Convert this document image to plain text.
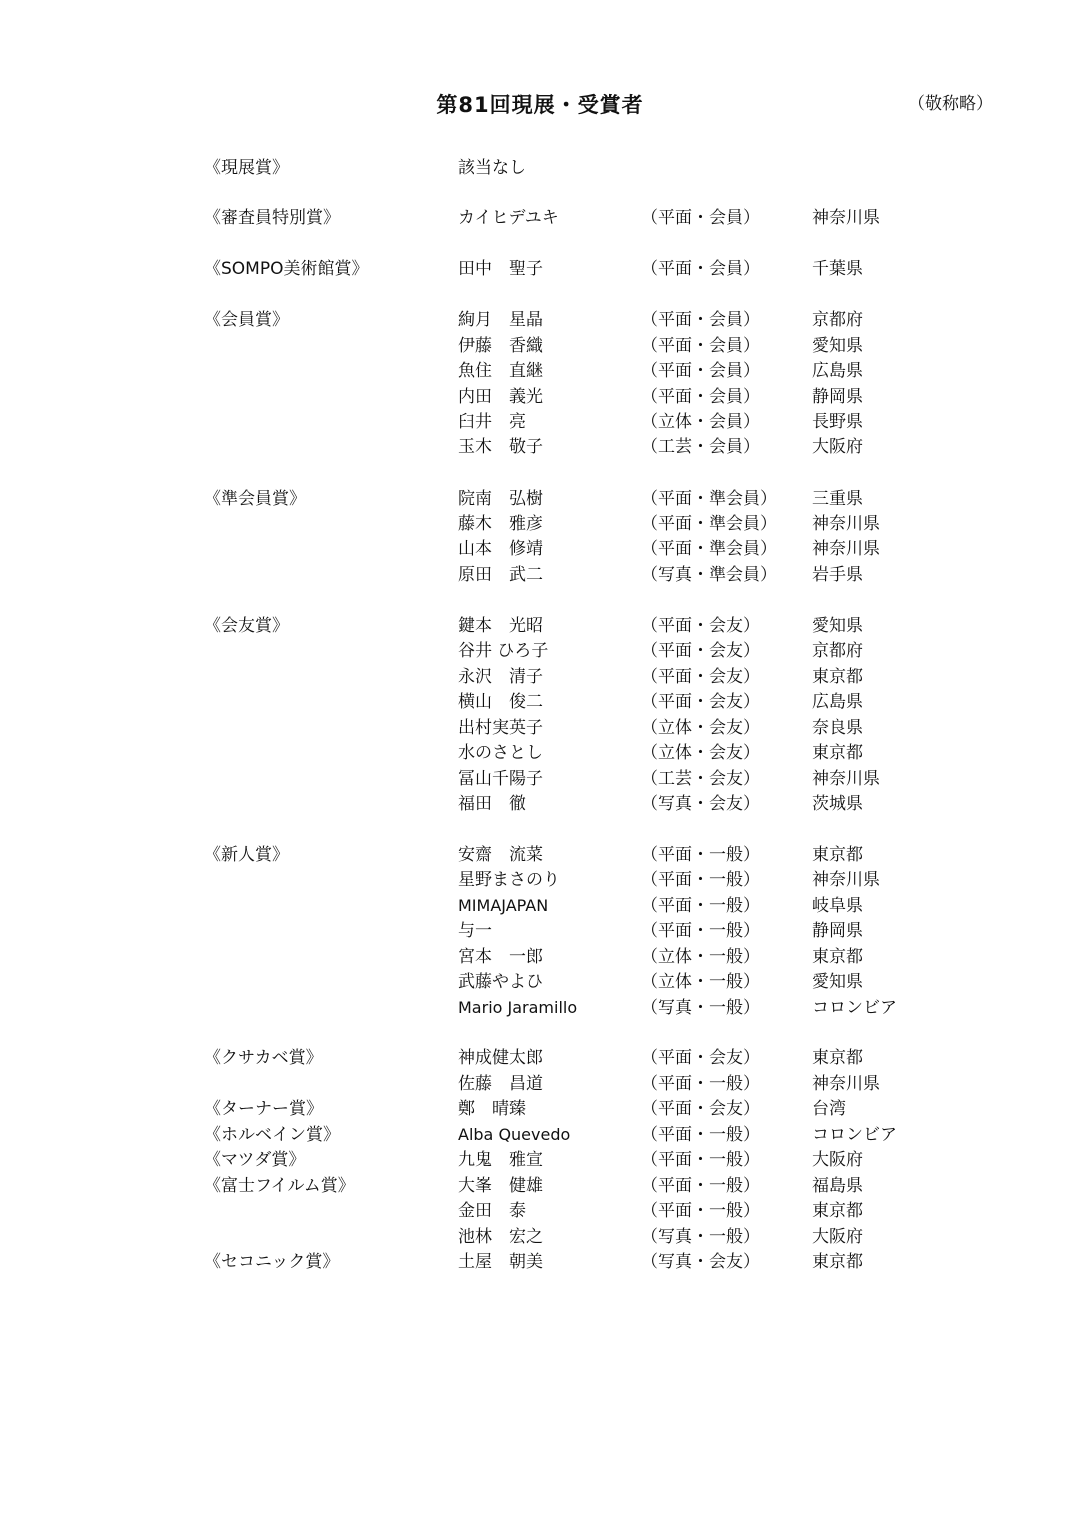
第81回現展・受賞者	（敬称略）
《現展賞》	該当なし
《審査員特別賞》	カイヒデユキ	（平面・会員）	神奈川県
《SOMPO美術館賞》	田中　聖子	（平面・会員）	千葉県
《会員賞》	絢月　星晶	（平面・会員）	京都府
伊藤　香織	（平面・会員）	愛知県
魚住　直継	（平面・会員）	広島県
内田　義光	（平面・会員）	静岡県
臼井　亮	（立体・会員）	長野県
玉木　敬子	（工芸・会員）	大阪府
《準会員賞》	院南　弘樹	（平面・準会員） 三重県
藤木　雅彦	（平面・準会員） 神奈川県
山本　修靖	（平面・準会員） 神奈川県
原田　武二	（写真・準会員） 岩手県
《会友賞》	鍵本　光昭	（平面・会友）	愛知県
谷井 ひろ子	（平面・会友）	京都府
永沢　清子	（平面・会友）	東京都
横山　俊二	（平面・会友）	広島県
出村実英子	（立体・会友）	奈良県
水のさとし	（立体・会友）	東京都
冨山千陽子	（工芸・会友）	神奈川県
福田　徹	（写真・会友）	茨城県
《新人賞》	安齋　流菜	（平面・一般）	東京都
星野まさのり	（平面・一般）	神奈川県
MIMAJAPAN	（平面・一般）	岐阜県
与一	（平面・一般）	静岡県
宮本　一郎	（立体・一般）	東京都
武藤やよひ	（立体・一般）	愛知県
Mario Jaramillo	（写真・一般）	コロンビア
《クサカベ賞》	神成健太郎	（平面・会友）	東京都
佐藤　昌道	（平面・一般）	神奈川県
《ターナー賞》	鄭　晴臻	（平面・会友）	台湾
《ホルベイン賞》	Alba Quevedo	（平面・一般）	コロンビア
《マツダ賞》	九鬼　雅宣	（平面・一般）	大阪府
《富士フイルム賞》	大峯　健雄	（平面・一般）	福島県
金田　泰	（平面・一般）	東京都
池林　宏之	（写真・一般）	大阪府
《セコニック賞》	土屋　朝美	（写真・会友）	東京都
